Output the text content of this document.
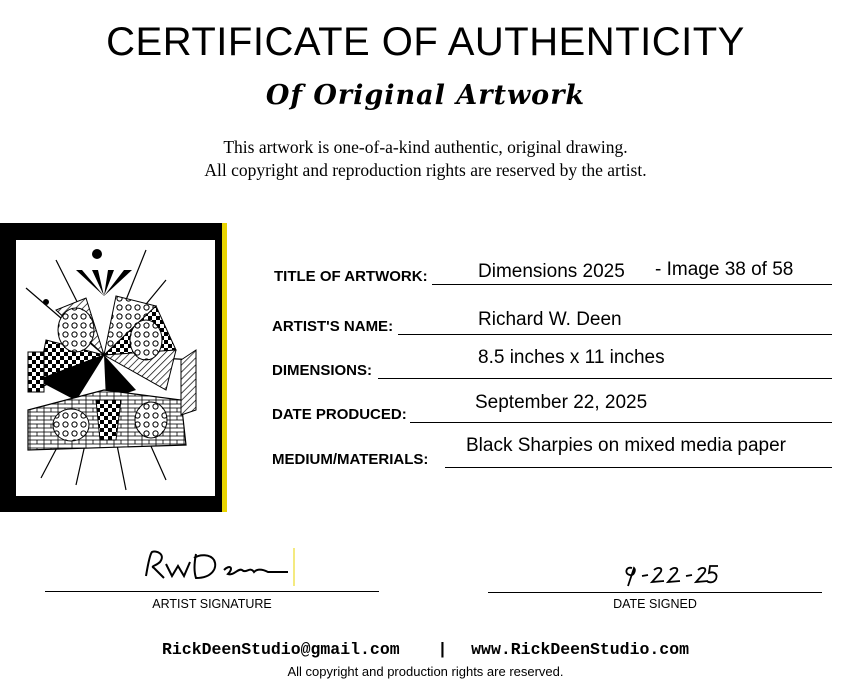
CERTIFICATE OF AUTHENTICITY
Of Original Artwork
This artwork is one-of-a-kind authentic, original drawing.
All copyright and reproduction rights are reserved by the artist.
TITLE OF ARTWORK:	Dimensions 2025 - Image 38 of 58
ARTIST'S NAME:	Richard W. Deen
DIMENSIONS:
8.5 inches x 11 inches
DATE PRODUCED:
September 22, 2025
MEDIUM/MATERIALS:
Black Sharpies on mixed media paper
ARTIST SIGNATURE	DATE SIGNED
RickDeenStudio@gmail.com | www.RickDeenStudio.com
All copyright and production rights are reserved.
